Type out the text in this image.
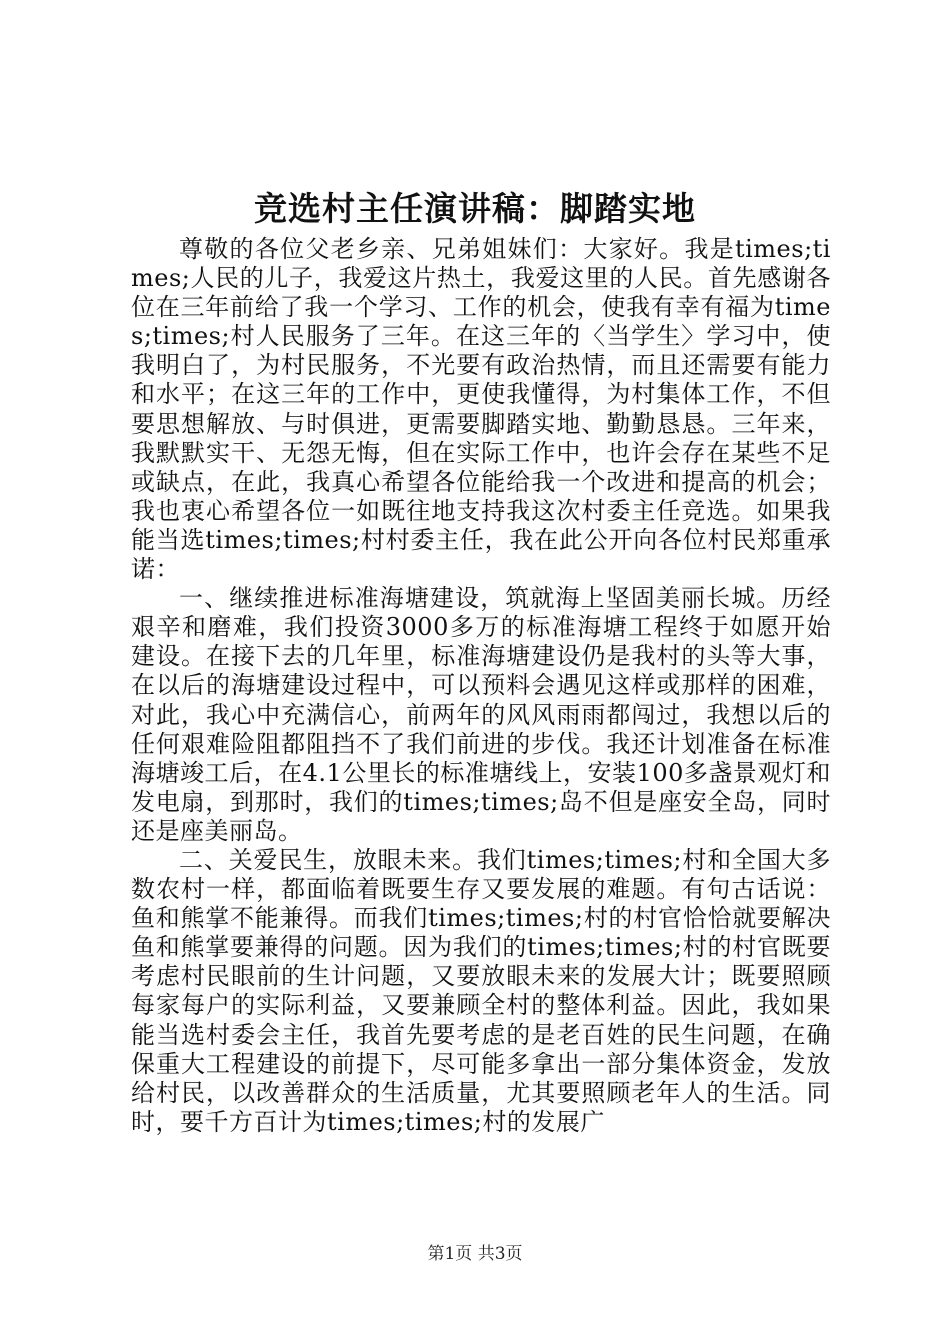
竞选村主任演讲稿：脚踏实地

尊敬的各位父老乡亲、兄弟姐妹们：大家好。我是times;times;人民的儿子，我爱这片热土，我爱这里的人民。首先感谢各位在三年前给了我一个学习、工作的机会，使我有幸有福为times;times;村人民服务了三年。在这三年的〈当学生〉学习中，使我明白了，为村民服务，不光要有政治热情，而且还需要有能力和水平；在这三年的工作中，更使我懂得，为村集体工作，不但要思想解放、与时俱进，更需要脚踏实地、勤勤恳恳。三年来，我默默实干、无怨无悔，但在实际工作中，也许会存在某些不足或缺点，在此，我真心希望各位能给我一个改进和提高的机会；我也衷心希望各位一如既往地支持我这次村委主任竞选。如果我能当选times;times;村村委主任，我在此公开向各位村民郑重承诺：

一、继续推进标准海塘建设，筑就海上坚固美丽长城。历经艰辛和磨难，我们投资3000多万的标准海塘工程终于如愿开始建设。在接下去的几年里，标准海塘建设仍是我村的头等大事，在以后的海塘建设过程中，可以预料会遇见这样或那样的困难，对此，我心中充满信心，前两年的风风雨雨都闯过，我想以后的任何艰难险阻都阻挡不了我们前进的步伐。我还计划准备在标准海塘竣工后，在4.1公里长的标准塘线上，安装100多盏景观灯和发电扇，到那时，我们的times;times;岛不但是座安全岛，同时还是座美丽岛。

二、关爱民生，放眼未来。我们times;times;村和全国大多数农村一样，都面临着既要生存又要发展的难题。有句古话说：鱼和熊掌不能兼得。而我们times;times;村的村官恰恰就要解决鱼和熊掌要兼得的问题。因为我们的times;times;村的村官既要考虑村民眼前的生计问题，又要放眼未来的发展大计；既要照顾每家每户的实际利益，又要兼顾全村的整体利益。因此，我如果能当选村委会主任，我首先要考虑的是老百姓的民生问题，在确保重大工程建设的前提下，尽可能多拿出一部分集体资金，发放给村民，以改善群众的生活质量，尤其要照顾老年人的生活。同时，要千方百计为times;times;村的发展广

第1页 共3页
